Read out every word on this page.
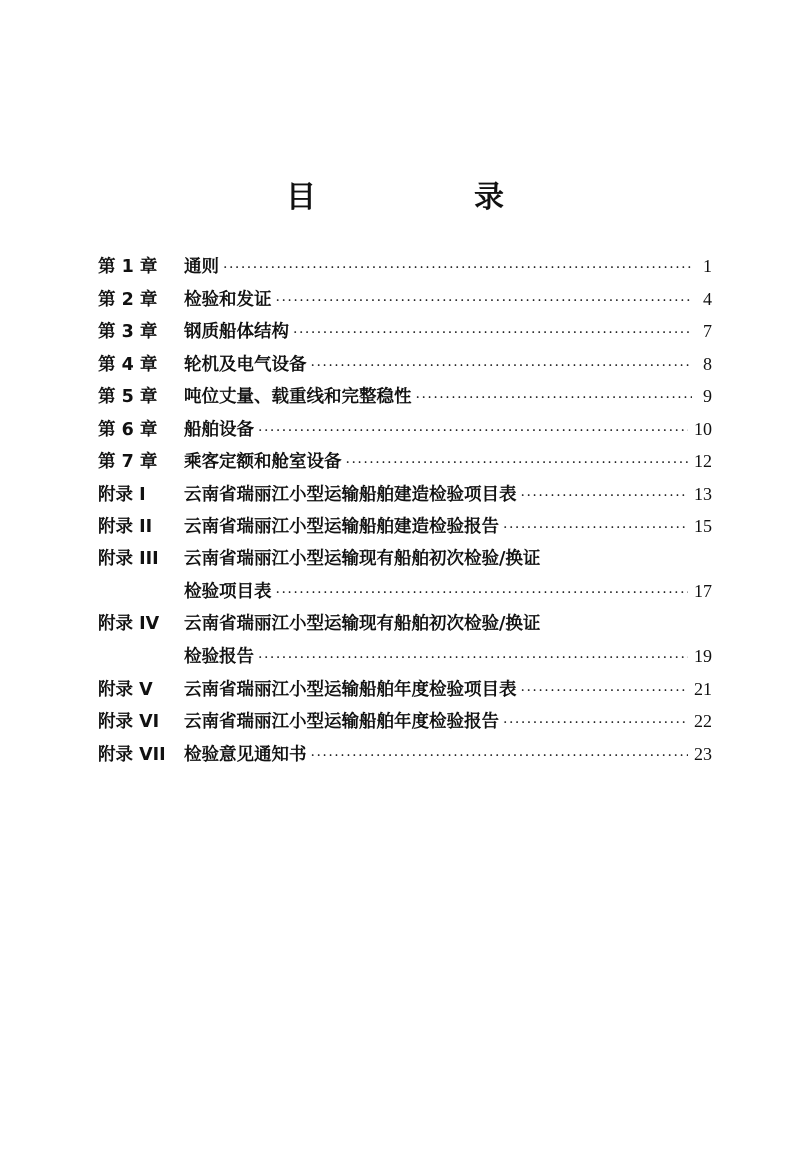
目　录
第 1 章	通则 ·····	1
第 2 章	检验和发证 ·····	4
第 3 章	钢质船体结构 ·····	7
第 4 章	轮机及电气设备 ·····	8
第 5 章	吨位丈量、载重线和完整稳性 ·····	9
第 6 章	船舶设备 ·····	10
第 7 章	乘客定额和舱室设备 ·····	12
附录 I	云南省瑞丽江小型运输船舶建造检验项目表 ·····	13
附录 II	云南省瑞丽江小型运输船舶建造检验报告 ·····	15
附录 III	云南省瑞丽江小型运输现有船舶初次检验/换证
检验项目表 ·····	17
附录 IV	云南省瑞丽江小型运输现有船舶初次检验/换证
检验报告 ·····	19
附录 V	云南省瑞丽江小型运输船舶年度检验项目表 ·····	21
附录 VI	云南省瑞丽江小型运输船舶年度检验报告 ·····	22
附录 VII	检验意见通知书 ·····	23
